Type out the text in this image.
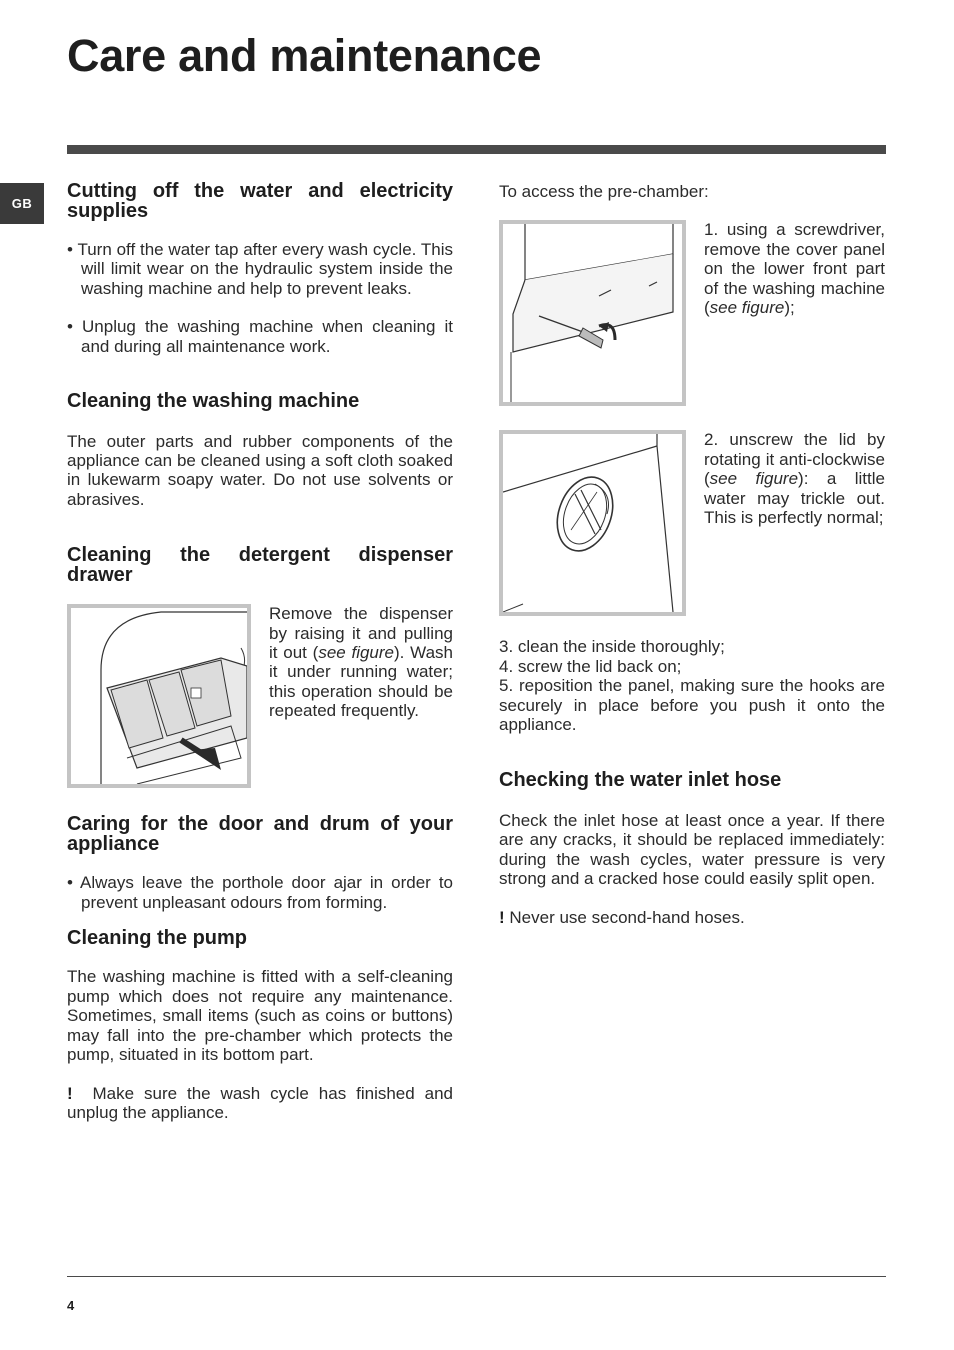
Care and maintenance
GB
Cutting off the water and electricity supplies

• Turn off the water tap after every wash cycle. This will limit wear on the hydraulic system inside the washing machine and help to prevent leaks.

• Unplug the washing machine when cleaning it and during all maintenance work.

Cleaning the washing machine

The outer parts and rubber components of the appliance can be cleaned using a soft cloth soaked in lukewarm soapy water. Do not use solvents or abrasives.

Cleaning the detergent dispenser drawer

Remove the dispenser by raising it and pulling it out (see figure). Wash it under running water; this operation should be repeated frequently.

Caring for the door and drum of your appliance

• Always leave the porthole door ajar in order to prevent unpleasant odours from forming.

Cleaning the pump

The washing machine is fitted with a self-cleaning pump which does not require any maintenance. Sometimes, small items (such as coins or buttons) may fall into the pre-chamber which protects the pump, situated in its bottom part.

! Make sure the wash cycle has finished and unplug the appliance.

To access the pre-chamber:

1. using a screwdriver, remove the cover panel on the lower front part of the washing machine (see figure);

2. unscrew the lid by rotating it anti-clockwise (see figure): a little water may trickle out. This is perfectly normal;

3. clean the inside thoroughly;

4. screw the lid back on;

5. reposition the panel, making sure the hooks are securely in place before you push it onto the appliance.

Checking the water inlet hose

Check the inlet hose at least once a year. If there are any cracks, it should be replaced immediately: during the wash cycles, water pressure is very strong and a cracked hose could easily split open.

! Never use second-hand hoses.

4
